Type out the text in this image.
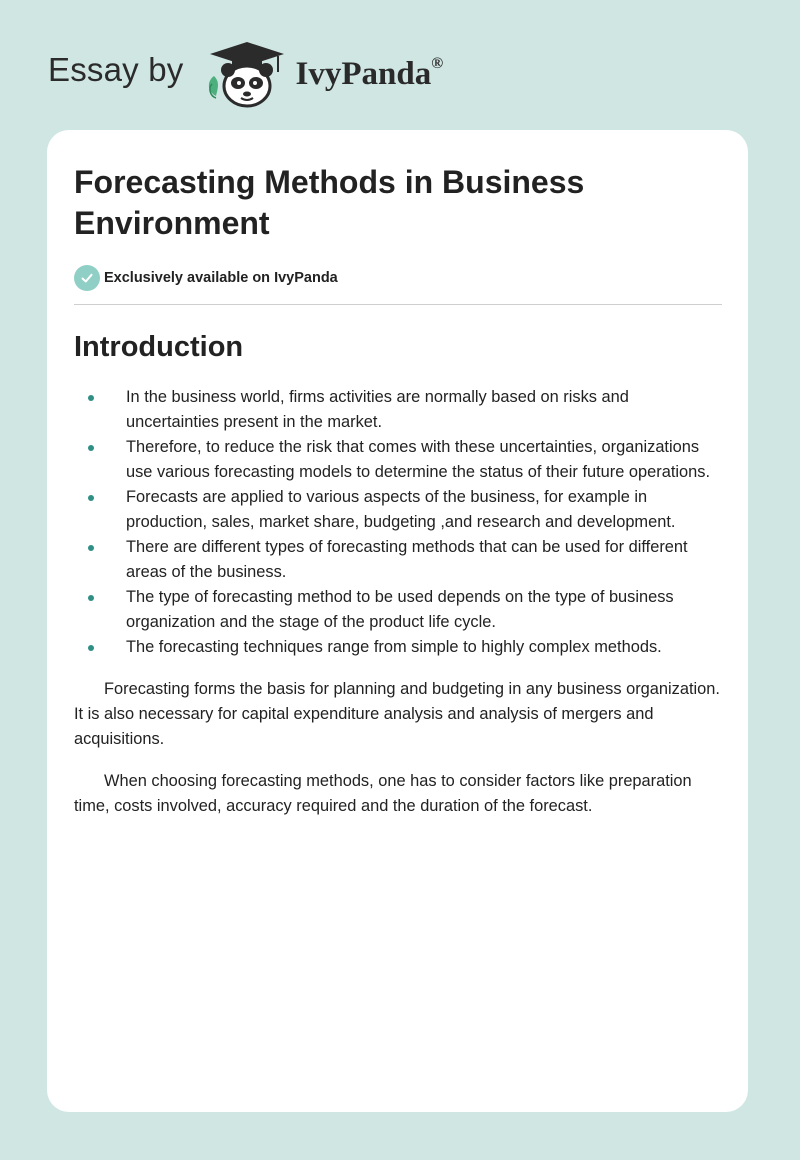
Essay by	IvyPanda®
Forecasting Methods in Business Environment
Exclusively available on IvyPanda
Introduction
In the business world, firms activities are normally based on risks and uncertainties present in the market.
Therefore, to reduce the risk that comes with these uncertainties, organizations use various forecasting models to determine the status of their future operations.
Forecasts are applied to various aspects of the business, for example in production, sales, market share, budgeting ,and research and development.
There are different types of forecasting methods that can be used for different areas of the business.
The type of forecasting method to be used depends on the type of business organization and the stage of the product life cycle.
The forecasting techniques range from simple to highly complex methods.

Forecasting forms the basis for planning and budgeting in any business organization. It is also necessary for capital expenditure analysis and analysis of mergers and acquisitions.

When choosing forecasting methods, one has to consider factors like preparation time, costs involved, accuracy required and the duration of the forecast.
